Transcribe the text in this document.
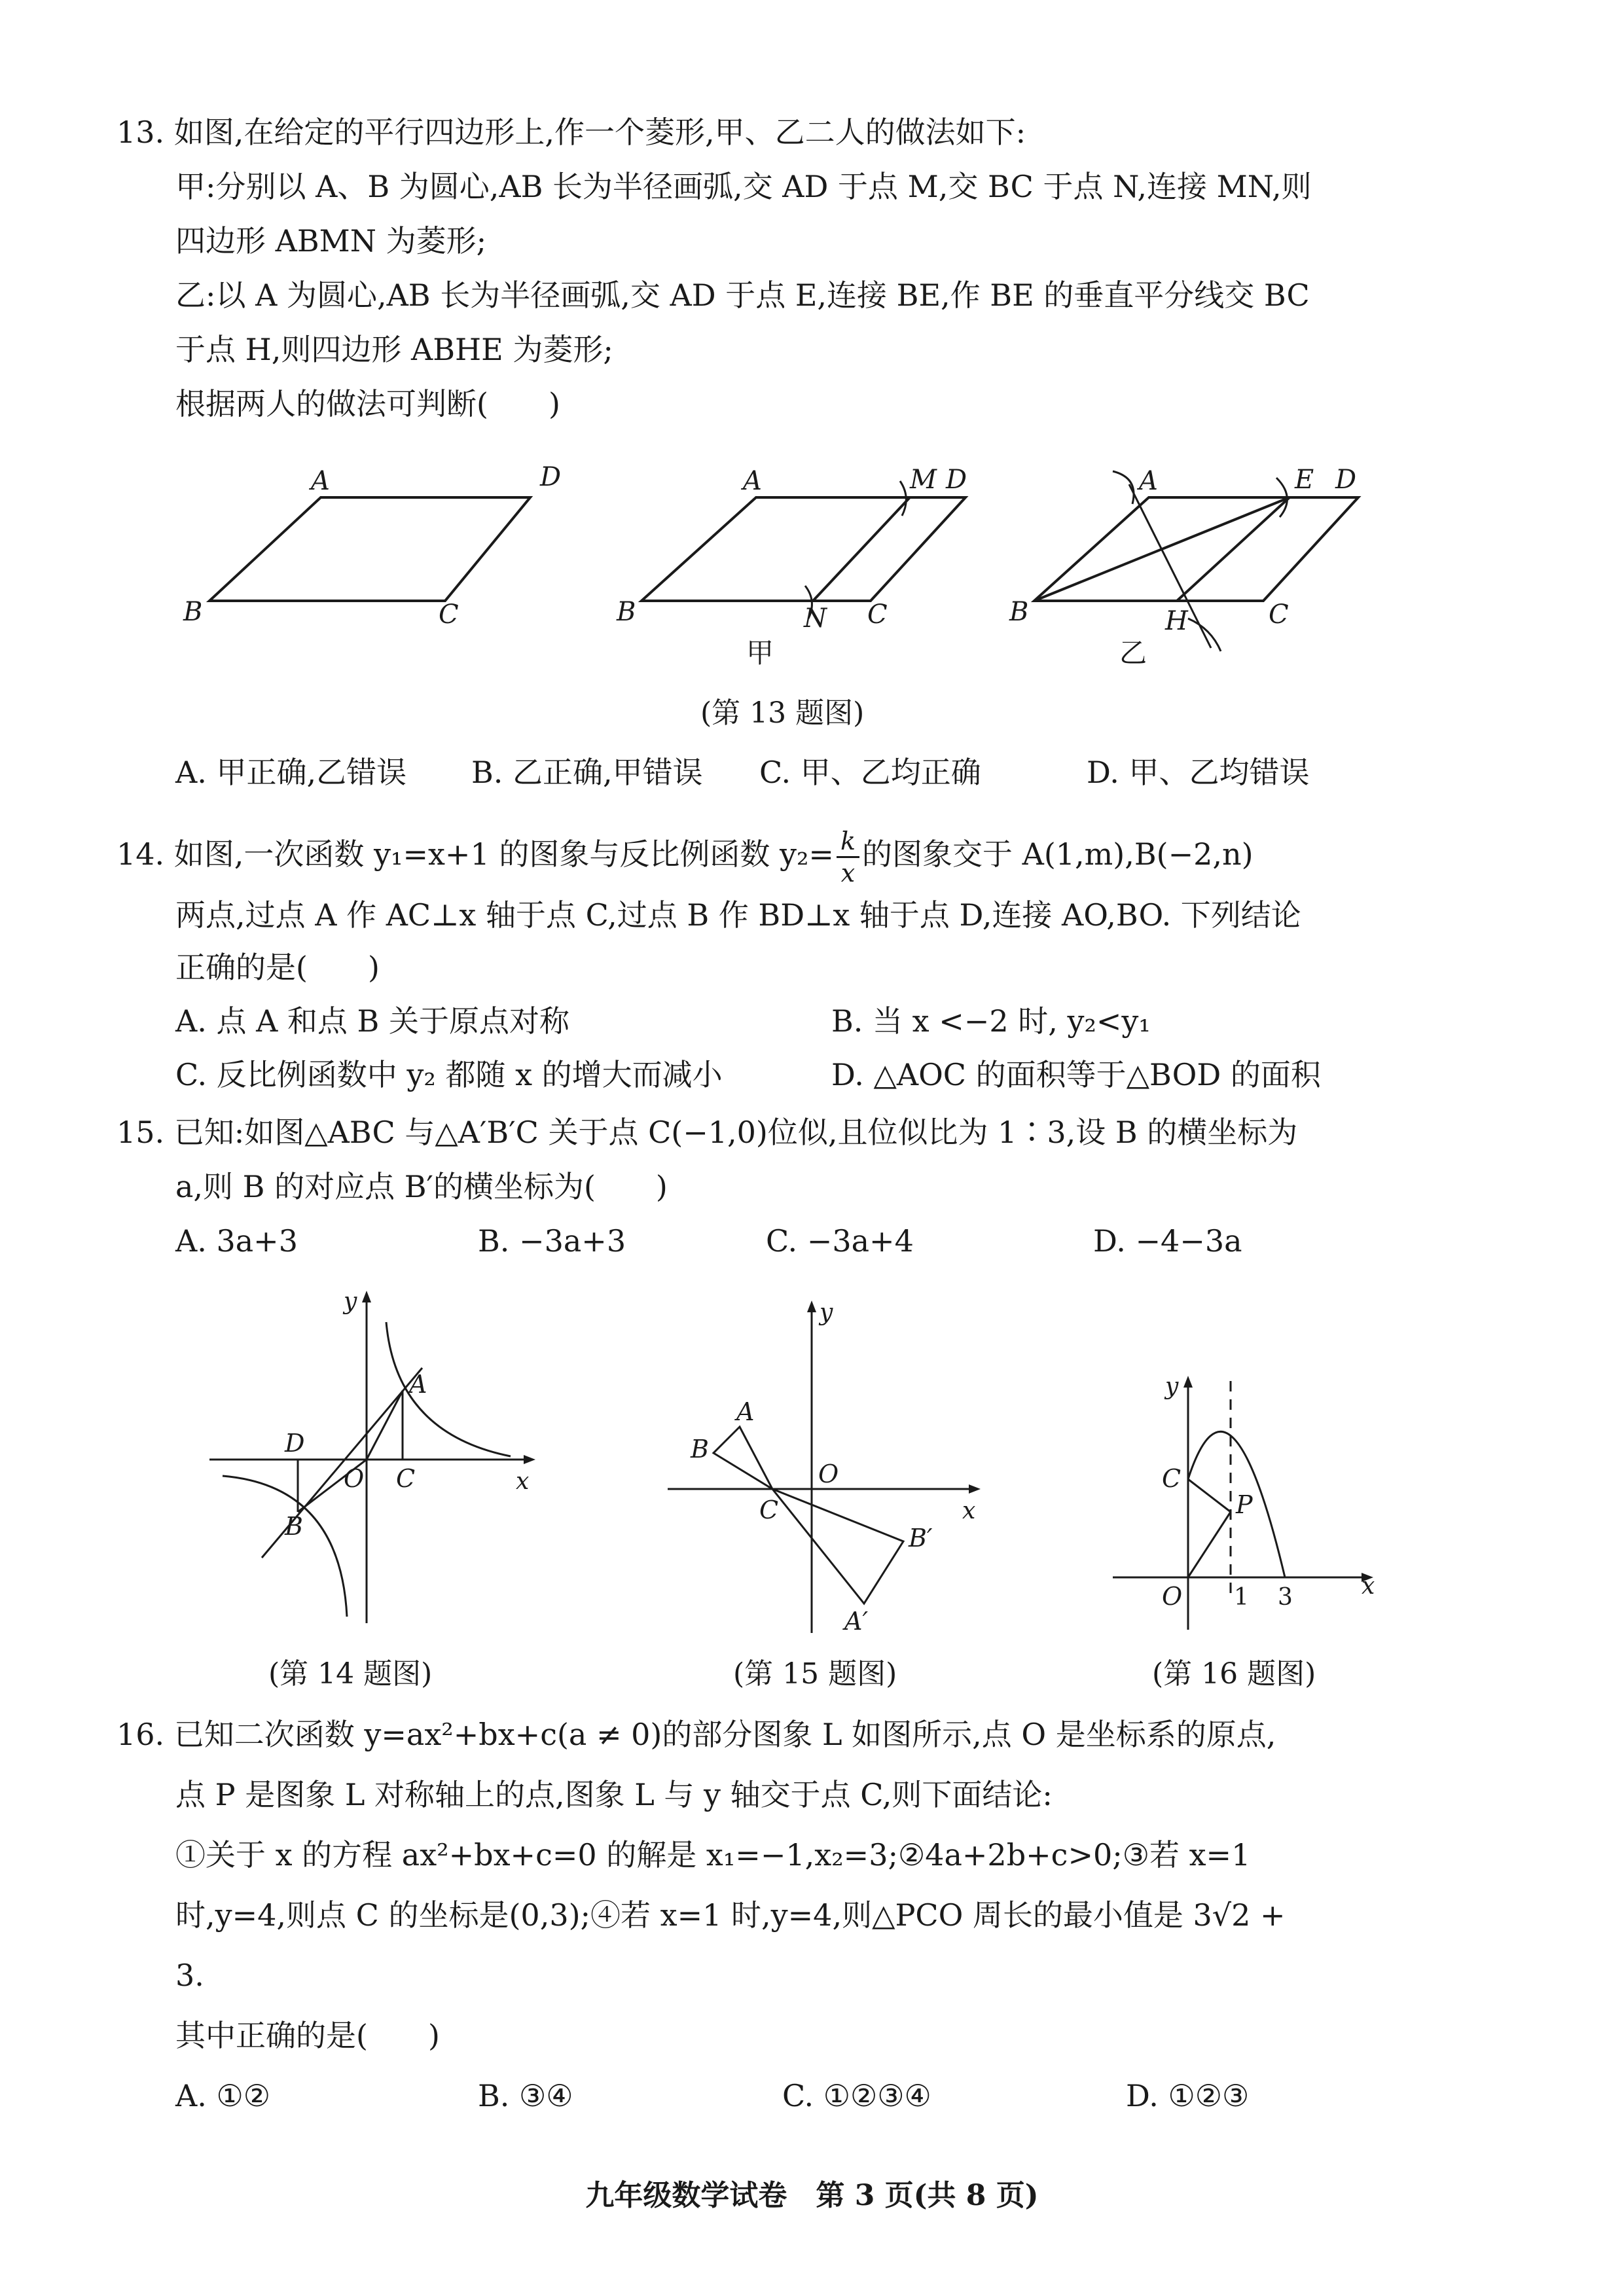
13. 如图,在给定的平行四边形上,作一个菱形,甲、乙二人的做法如下:
甲:分别以 A、B 为圆心,AB 长为半径画弧,交 AD 于点 M,交 BC 于点 N,连接 MN,则
四边形 ABMN 为菱形;
乙:以 A 为圆心,AB 长为半径画弧,交 AD 于点 E,连接 BE,作 BE 的垂直平分线交 BC
于点 H,则四边形 ABHE 为菱形;
根据两人的做法可判断(　　)
A	D
B	C
A	M D
B	N C
甲
A	E D
B	H	C
乙
(第 13 题图)
A. 甲正确,乙错误 B. 乙正确,甲错误 C. 甲、乙均正确	D. 甲、乙均错误
14. 如图,一次函数 y₁=x+1 的图象与反比例函数 $y_2= \frac{k}{x}$ 的图象交于 A(1,m),B(−2,n)
两点,过点 A 作 AC⊥x 轴于点 C,过点 B 作 BD⊥x 轴于点 D,连接 AO,BO. 下列结论
正确的是(　　)
A. 点 A 和点 B 关于原点对称	B. 当 x <−2 时, y₂<y₁
C. 反比例函数中 y₂ 都随 x 的增大而减小	D. △AOC 的面积等于△BOD 的面积
15. 已知:如图△ABC 与△A′B′C 关于点 C(−1,0)位似,且位似比为 1∶3,设 B 的横坐标为
a,则 B 的对应点 B′的横坐标为(　　)
A. 3a+3	B. −3a+3	C. −3a+4	D. −4−3a
y
x
A
B
C
D
O
y
x
A
B
C
O
B′
A′
y
x
C
P
O 1 3
(第 14 题图)	(第 15 题图)	(第 16 题图)
16. 已知二次函数 y=ax²+bx+c(a ≠ 0)的部分图象 L 如图所示,点 O 是坐标系的原点,
点 P 是图象 L 对称轴上的点,图象 L 与 y 轴交于点 C,则下面结论:
①关于 x 的方程 ax²+bx+c=0 的解是 x₁=−1,x₂=3;②4a+2b+c>0;③若 x=1
时,y=4,则点 C 的坐标是(0,3);④若 x=1 时,y=4,则△PCO 周长的最小值是 3√2 +
3.
其中正确的是(　　)
A. ①②	B. ③④	C. ①②③④	D. ①②③
九年级数学试卷　第 3 页(共 8 页)
